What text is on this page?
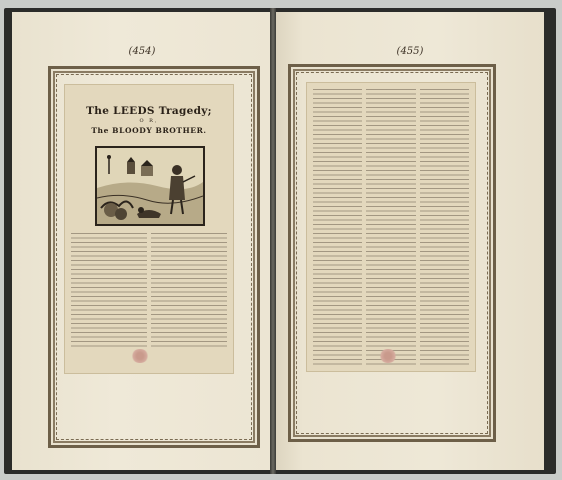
(454)
The LEEDS Tragedy;
O R,
The BLOODY BROTHER.
(455)
